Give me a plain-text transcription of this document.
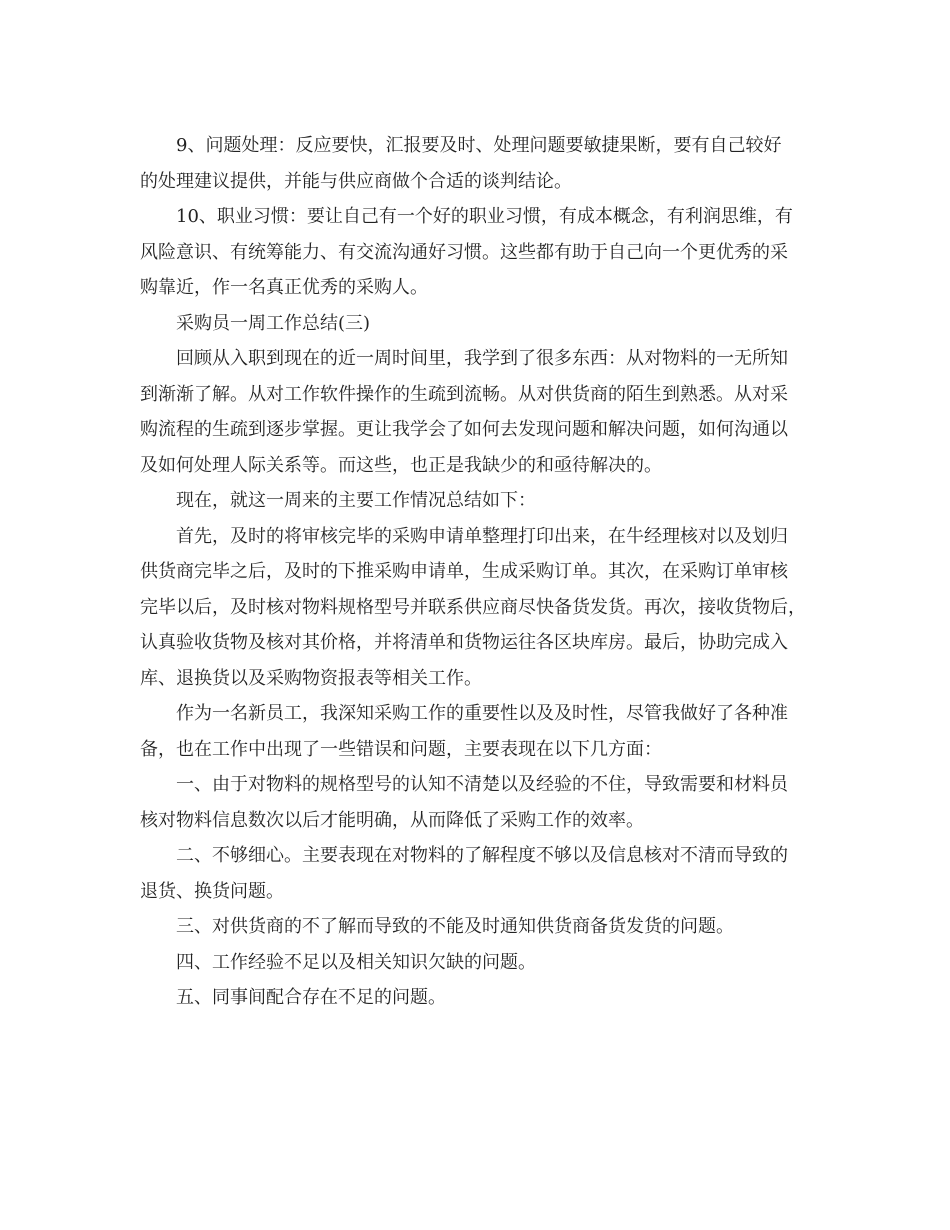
9、问题处理：反应要快，汇报要及时、处理问题要敏捷果断，要有自己较好
的处理建议提供，并能与供应商做个合适的谈判结论。

10、职业习惯：要让自己有一个好的职业习惯，有成本概念，有利润思维，有
风险意识、有统筹能力、有交流沟通好习惯。这些都有助于自己向一个更优秀的采
购靠近，作一名真正优秀的采购人。

采购员一周工作总结(三)

回顾从入职到现在的近一周时间里，我学到了很多东西：从对物料的一无所知
到渐渐了解。从对工作软件操作的生疏到流畅。从对供货商的陌生到熟悉。从对采
购流程的生疏到逐步掌握。更让我学会了如何去发现问题和解决问题，如何沟通以
及如何处理人际关系等。而这些，也正是我缺少的和亟待解决的。

现在，就这一周来的主要工作情况总结如下：

首先，及时的将审核完毕的采购申请单整理打印出来，在牛经理核对以及划归
供货商完毕之后，及时的下推采购申请单，生成采购订单。其次，在采购订单审核
完毕以后，及时核对物料规格型号并联系供应商尽快备货发货。再次，接收货物后，
认真验收货物及核对其价格，并将清单和货物运往各区块库房。最后，协助完成入
库、退换货以及采购物资报表等相关工作。

作为一名新员工，我深知采购工作的重要性以及及时性，尽管我做好了各种准
备，也在工作中出现了一些错误和问题，主要表现在以下几方面：

一、由于对物料的规格型号的认知不清楚以及经验的不住，导致需要和材料员
核对物料信息数次以后才能明确，从而降低了采购工作的效率。

二、不够细心。主要表现在对物料的了解程度不够以及信息核对不清而导致的
退货、换货问题。

三、对供货商的不了解而导致的不能及时通知供货商备货发货的问题。

四、工作经验不足以及相关知识欠缺的问题。

五、同事间配合存在不足的问题。
